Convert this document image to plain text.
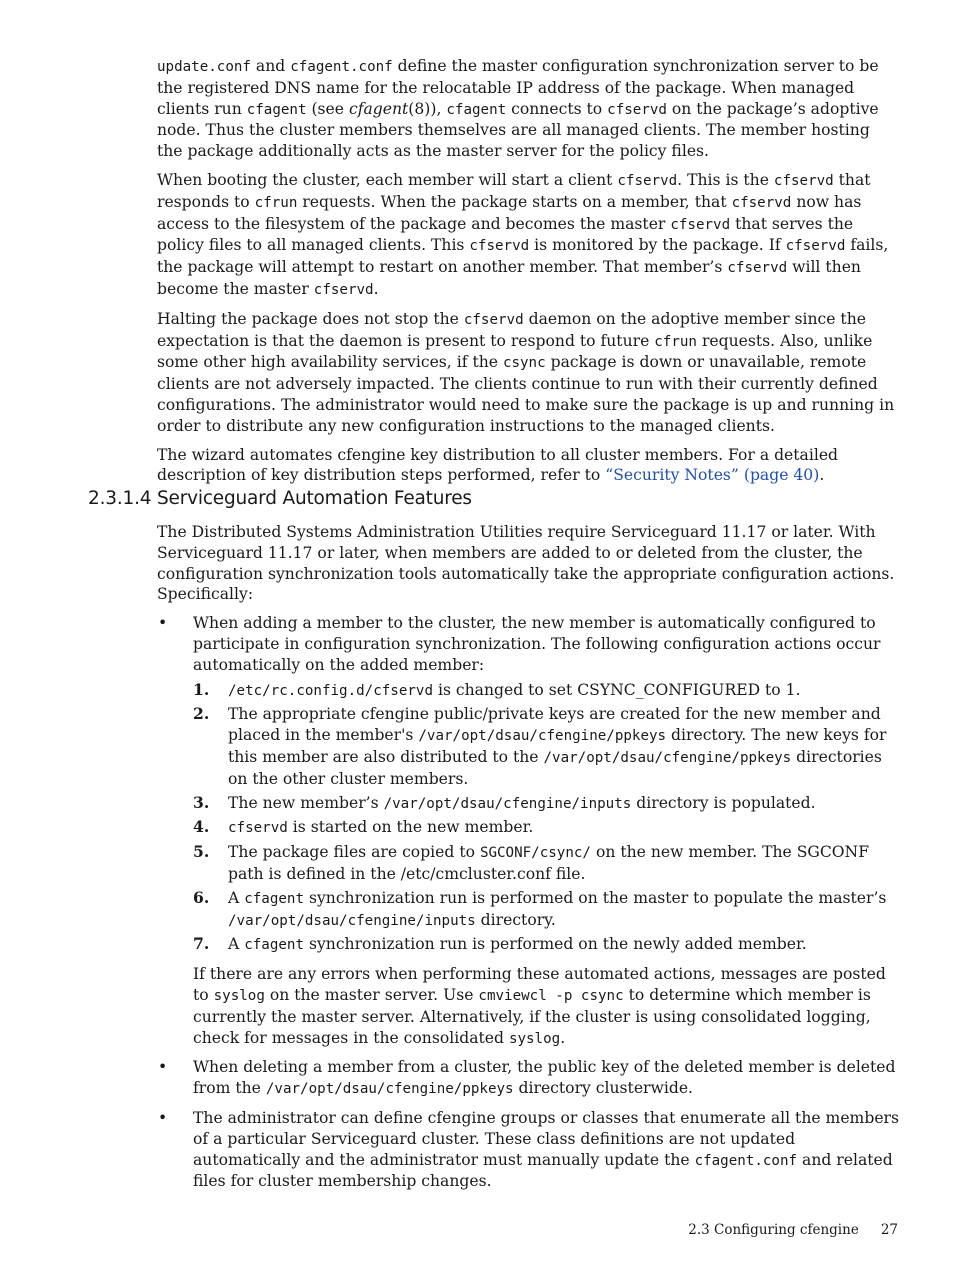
update.conf and cfagent.conf define the master configuration synchronization server to be the registered DNS name for the relocatable IP address of the package. When managed clients run cfagent (see cfagent(8)), cfagent connects to cfservd on the package’s adoptive node. Thus the cluster members themselves are all managed clients. The member hosting the package additionally acts as the master server for the policy files.

When booting the cluster, each member will start a client cfservd. This is the cfservd that responds to cfrun requests. When the package starts on a member, that cfservd now has access to the filesystem of the package and becomes the master cfservd that serves the policy files to all managed clients. This cfservd is monitored by the package. If cfservd fails, the package will attempt to restart on another member. That member’s cfservd will then become the master cfservd.

Halting the package does not stop the cfservd daemon on the adoptive member since the expectation is that the daemon is present to respond to future cfrun requests. Also, unlike some other high availability services, if the csync package is down or unavailable, remote clients are not adversely impacted. The clients continue to run with their currently defined configurations. The administrator would need to make sure the package is up and running in order to distribute any new configuration instructions to the managed clients.

The wizard automates cfengine key distribution to all cluster members. For a detailed description of key distribution steps performed, refer to “Security Notes” (page 40).

2.3.1.4 Serviceguard Automation Features

The Distributed Systems Administration Utilities require Serviceguard 11.17 or later. With Serviceguard 11.17 or later, when members are added to or deleted from the cluster, the configuration synchronization tools automatically take the appropriate configuration actions. Specifically:

• When adding a member to the cluster, the new member is automatically configured to participate in configuration synchronization. The following configuration actions occur automatically on the added member:
1. /etc/rc.config.d/cfservd is changed to set CSYNC_CONFIGURED to 1.
2. The appropriate cfengine public/private keys are created for the new member and placed in the member's /var/opt/dsau/cfengine/ppkeys directory. The new keys for this member are also distributed to the /var/opt/dsau/cfengine/ppkeys directories on the other cluster members.
3. The new member’s /var/opt/dsau/cfengine/inputs directory is populated.
4. cfservd is started on the new member.
5. The package files are copied to SGCONF/csync/ on the new member. The SGCONF path is defined in the /etc/cmcluster.conf file.
6. A cfagent synchronization run is performed on the master to populate the master’s /var/opt/dsau/cfengine/inputs directory.
7. A cfagent synchronization run is performed on the newly added member.

If there are any errors when performing these automated actions, messages are posted to syslog on the master server. Use cmviewcl -p csync to determine which member is currently the master server. Alternatively, if the cluster is using consolidated logging, check for messages in the consolidated syslog.

• When deleting a member from a cluster, the public key of the deleted member is deleted from the /var/opt/dsau/cfengine/ppkeys directory clusterwide.
• The administrator can define cfengine groups or classes that enumerate all the members of a particular Serviceguard cluster. These class definitions are not updated automatically and the administrator must manually update the cfagent.conf and related files for cluster membership changes.
2.3 Configuring cfengine 27
